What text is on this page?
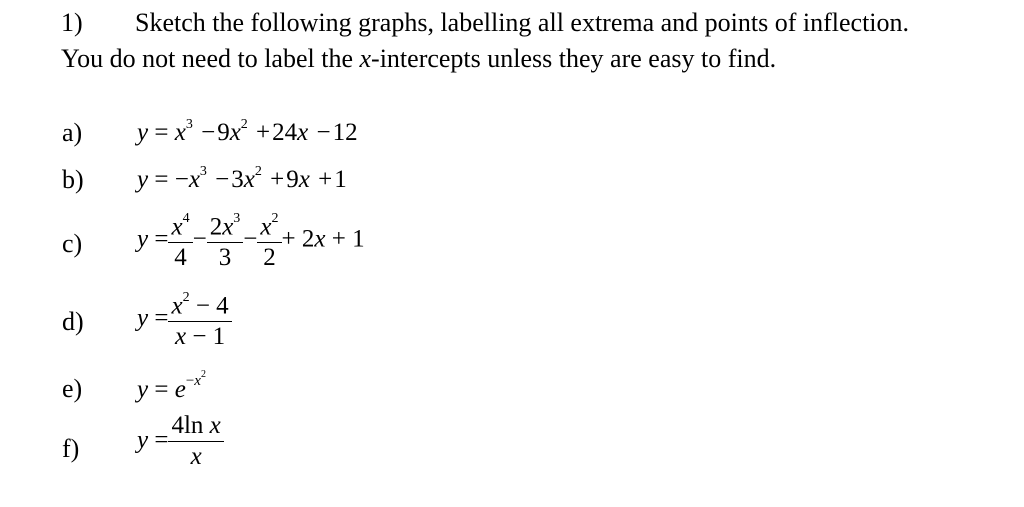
1) Sketch the following graphs, labelling all extrema and points of inflection.
You do not need to label the x-intercepts unless they are easy to find.
a) $y = x^3 -9x^2 +24x -12$
b) $y = -x^3 -3x^2 +9x +1$
c) $y = \frac{x^4}{4} - \frac{2x^3}{3} - \frac{x^2}{2} + 2x + 1$
d) $y = \frac{x^2 - 4}{x - 1}$
e) $y = e^{-x^2}$
f) $y = \frac{\text{4ln x}}{x}$
